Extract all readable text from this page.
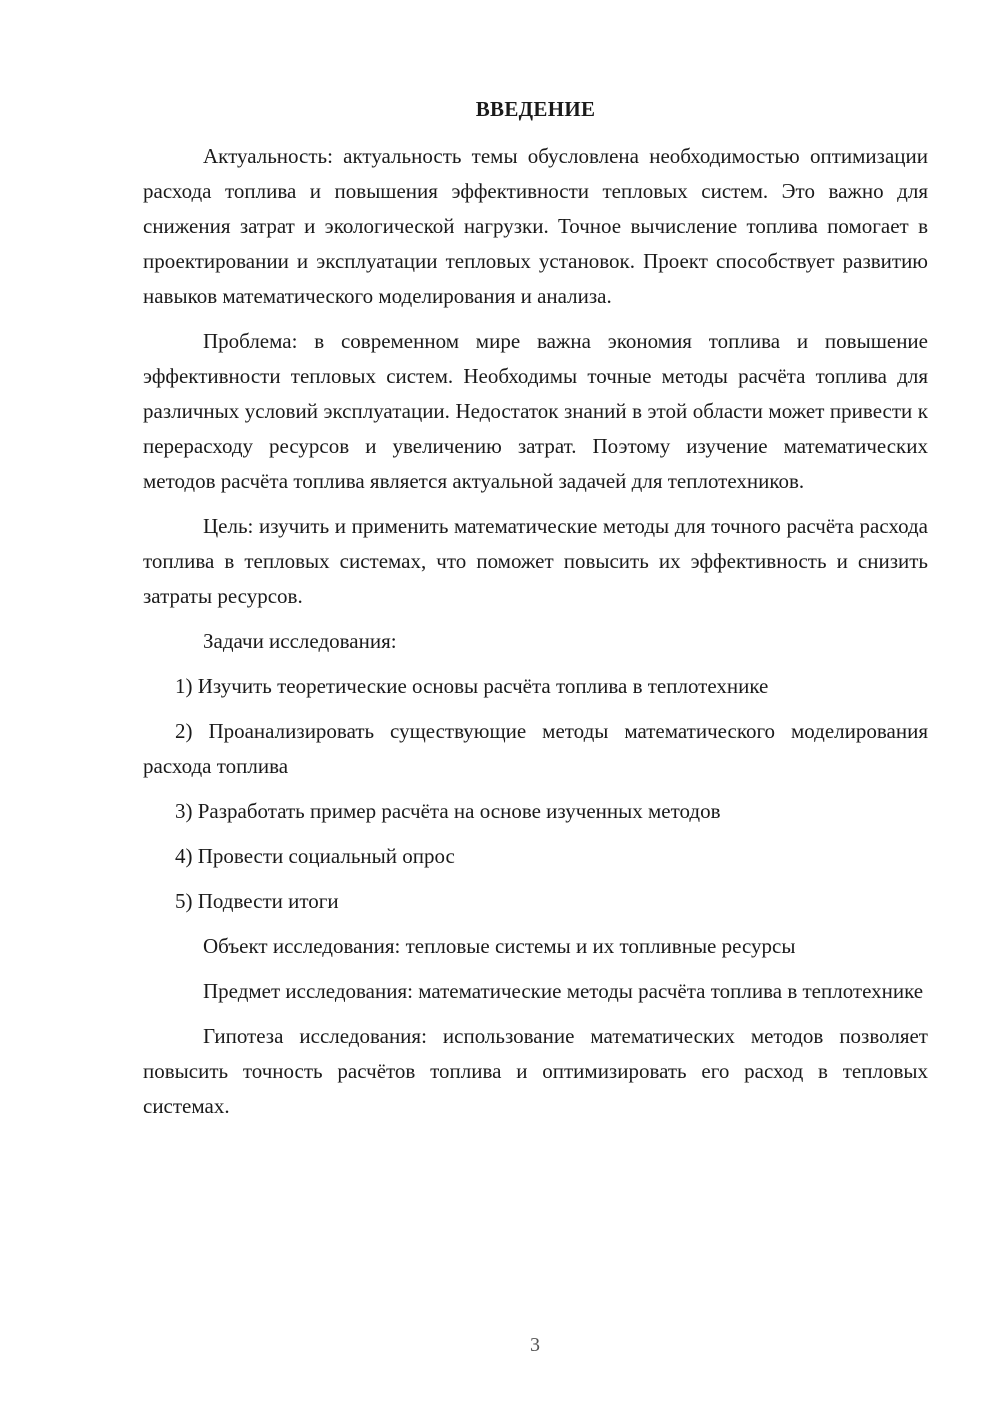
ВВЕДЕНИЕ

Актуальность: актуальность темы обусловлена необходимостью оптимизации расхода топлива и повышения эффективности тепловых систем. Это важно для снижения затрат и экологической нагрузки. Точное вычисление топлива помогает в проектировании и эксплуатации тепловых установок. Проект способствует развитию навыков математического моделирования и анализа.

Проблема: в современном мире важна экономия топлива и повышение эффективности тепловых систем. Необходимы точные методы расчёта топлива для различных условий эксплуатации. Недостаток знаний в этой области может привести к перерасходу ресурсов и увеличению затрат. Поэтому изучение математических методов расчёта топлива является актуальной задачей для теплотехников.

Цель: изучить и применить математические методы для точного расчёта расхода топлива в тепловых системах, что поможет повысить их эффективность и снизить затраты ресурсов.

Задачи исследования:

1) Изучить теоретические основы расчёта топлива в теплотехнике

2) Проанализировать существующие методы математического моделирования расхода топлива

3) Разработать пример расчёта на основе изученных методов

4) Провести социальный опрос

5) Подвести итоги

Объект исследования: тепловые системы и их топливные ресурсы

Предмет исследования: математические методы расчёта топлива в теплотехнике

Гипотеза исследования: использование математических методов позволяет повысить точность расчётов топлива и оптимизировать его расход в тепловых системах.

3
